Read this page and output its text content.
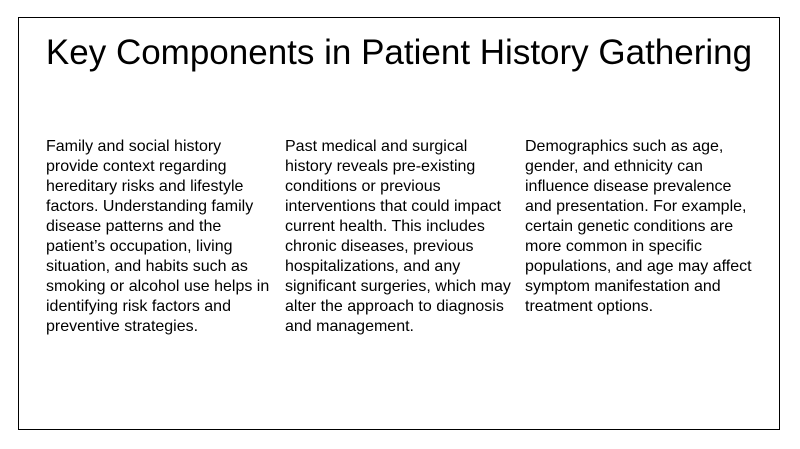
Key Components in Patient History Gathering

Family and social history provide context regarding hereditary risks and lifestyle factors. Understanding family disease patterns and the patient’s occupation, living situation, and habits such as smoking or alcohol use helps in identifying risk factors and preventive strategies.

Past medical and surgical history reveals pre-existing conditions or previous interventions that could impact current health. This includes chronic diseases, previous hospitalizations, and any significant surgeries, which may alter the approach to diagnosis and management.

Demographics such as age, gender, and ethnicity can influence disease prevalence and presentation. For example, certain genetic conditions are more common in specific populations, and age may affect symptom manifestation and treatment options.
